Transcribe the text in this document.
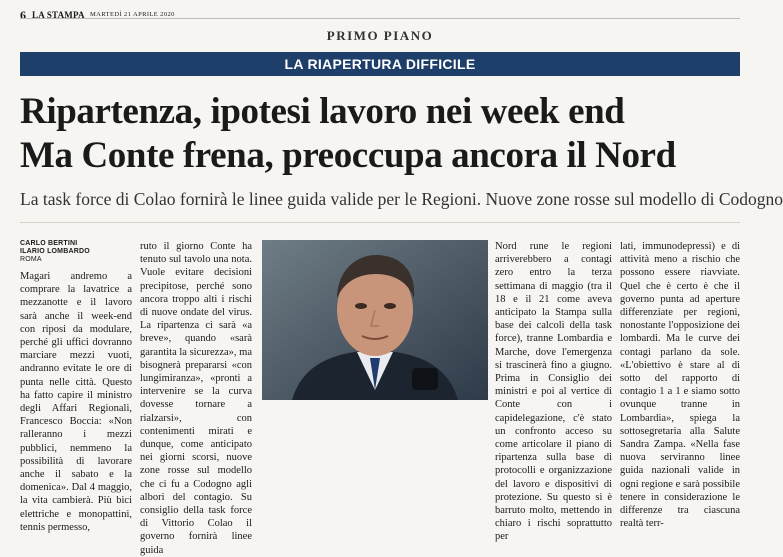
6 LA STAMPA MARTEDÌ 21 APRILE 2020
PRIMO PIANO
LA RIAPERTURA DIFFICILE
Ripartenza, ipotesi lavoro nei week end
Ma Conte frena, preoccupa ancora il Nord

La task force di Colao fornirà le linee guida valide per le Regioni. Nuove zone rosse sul modello di Codogno

CARLO BERTINI
ILARIO LOMBARDO
ROMA

Magari andremo a comprare la lavatrice a mezzanotte e il lavoro sarà anche il week-end con riposi da modulare, perché gli uffici dovranno marciare mezzi vuoti, andranno evitate le ore di punta nelle città. Questo ha fatto capire il ministro degli Affari Regionali, Francesco Boccia: «Non ralleranno i mezzi pubblici, nemmeno la possibilità di lavorare anche il sabato e la domenica». Dal 4 maggio, la vita cambierà. Più bici elettriche e monopattini, tennis permesso,

ruto il giorno Conte ha tenuto sul tavolo una nota. Vuole evitare decisioni precipitose, perché sono ancora troppo alti i rischi di nuove ondate del virus. La ripartenza ci sarà «a breve», quando «sarà garantita la sicurezza», ma bisognerà prepararsi «con lungimiranza», «pronti a intervenire se la curva dovesse tornare a rialzarsi», con contenimenti mirati e dunque, come anticipato nei giorni scorsi, nuove zone rosse sul modello che ci fu a Codogno agli albori del contagio. Su consiglio della task force di Vittorio Colao il governo fornirà linee guida

Nord rune le regioni arriverebbero a contagi zero entro la terza settimana di maggio (tra il 18 e il 21 come aveva anticipato la Stampa sulla base dei calcoli della task force), tranne Lombardia e Marche, dove l'emergenza si trascinerà fino a giugno. Prima in Consiglio dei ministri e poi al vertice di Conte con i capidelegazione, c'è stato un confronto acceso su come articolare il piano di ripartenza sulla base di protocolli e organizzazione del lavoro e dispositivi di protezione. Su questo si è barruto molto, mettendo in chiaro i rischi soprattutto per

lati, immunodepressi) e di attività meno a rischio che possono essere riavviate. Quel che è certo è che il governo punta ad aperture differenziate per regioni, nonostante l'opposizione dei lombardi. Ma le curve dei contagi parlano da sole. «L'obiettivo è stare al di sotto del rapporto di contagio 1 a 1 e siamo sotto ovunque tranne in Lombardia», spiega la sottosegretaria alla Salute Sandra Zampa. «Nella fase nuova serviranno linee guida nazionali valide in ogni regione e sarà possibile tenere in considerazione le differenze tra ciascuna realtà terr-
